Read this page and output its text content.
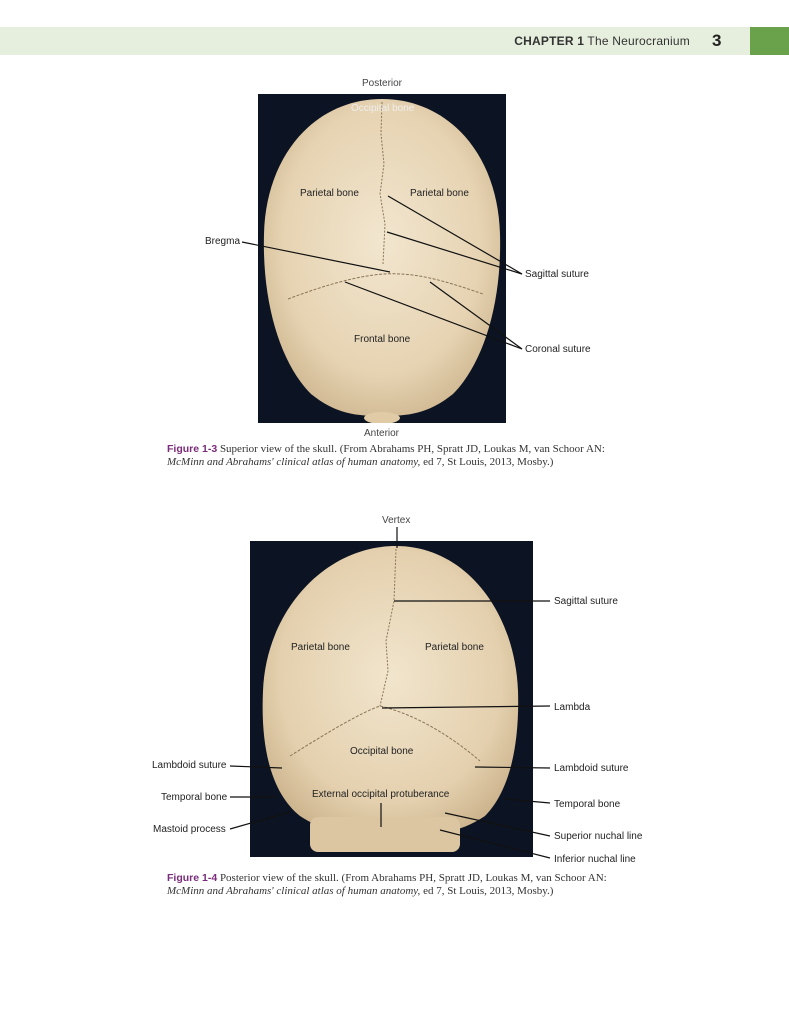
CHAPTER 1 The Neurocranium 3
Posterior
Occipital bone
Parietal bone	Parietal bone
Bregma
Sagittal suture
Frontal bone
Coronal suture
Anterior
Figure 1-3 Superior view of the skull. (From Abrahams PH, Spratt JD, Loukas M, van Schoor AN:
McMinn and Abrahams' clinical atlas of human anatomy, ed 7, St Louis, 2013, Mosby.)
Vertex
Sagittal suture
Parietal bone	Parietal bone
Lambda
Occipital bone
Lambdoid suture	Lambdoid suture
External occipital protuberance
Temporal bone
Temporal bone
Mastoid process
Superior nuchal line
Inferior nuchal line
Figure 1-4 Posterior view of the skull. (From Abrahams PH, Spratt JD, Loukas M, van Schoor AN:
McMinn and Abrahams' clinical atlas of human anatomy, ed 7, St Louis, 2013, Mosby.)
